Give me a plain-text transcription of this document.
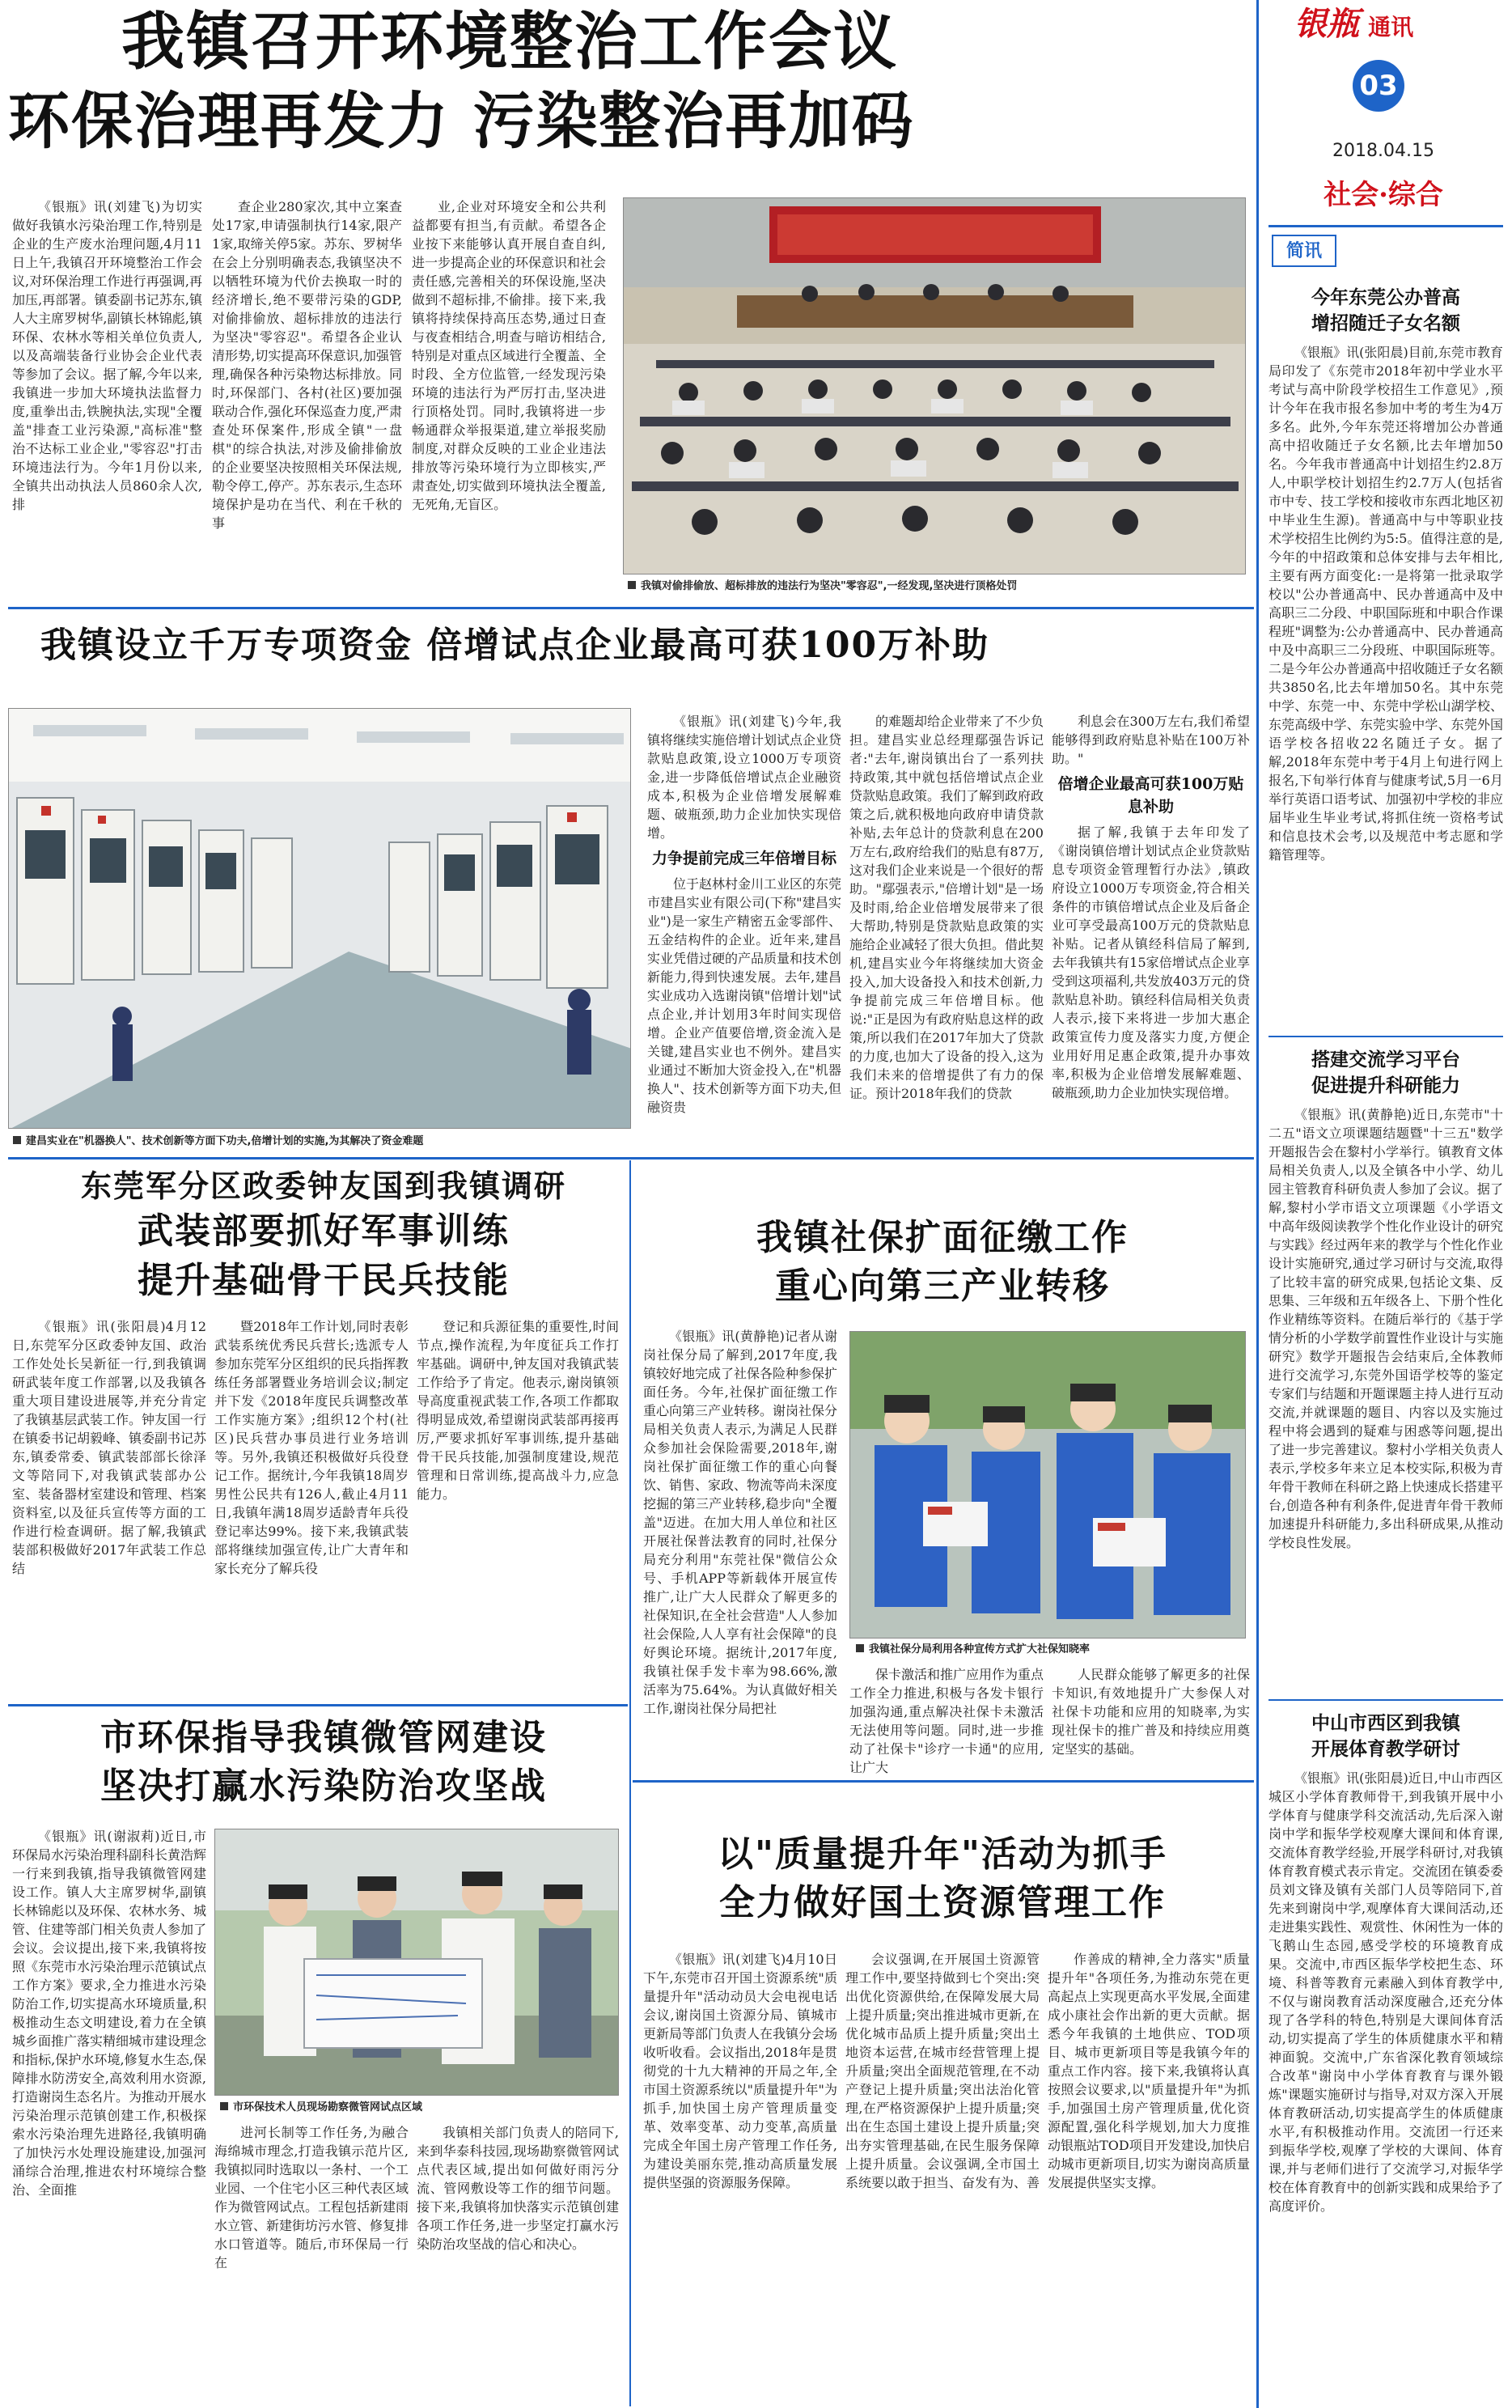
我镇召开环境整治工作会议
环保治理再发力 污染整治再加码

《银瓶》讯(刘建飞)为切实做好我镇水污染治理工作,特别是企业的生产废水治理问题,4月11日上午,我镇召开环境整治工作会议,对环保治理工作进行再强调,再加压,再部署。镇委副书记苏东,镇人大主席罗树华,副镇长林锦彪,镇环保、农林水等相关单位负责人,以及高端装备行业协会企业代表等参加了会议。据了解,今年以来,我镇进一步加大环境执法监督力度,重拳出击,铁腕执法,实现"全覆盖"排查工业污染源,"高标准"整治不达标工业企业,"零容忍"打击环境违法行为。今年1月份以来,全镇共出动执法人员860余人次,排

查企业280家次,其中立案查处17家,申请强制执行14家,限产1家,取缔关停5家。苏东、罗树华在会上分别明确表态,我镇坚决不以牺牲环境为代价去换取一时的经济增长,绝不要带污染的GDP,对偷排偷放、超标排放的违法行为坚决"零容忍"。希望各企业认清形势,切实提高环保意识,加强管理,确保各种污染物达标排放。同时,环保部门、各村(社区)要加强联动合作,强化环保巡查力度,严肃查处环保案件,形成全镇"一盘棋"的综合执法,对涉及偷排偷放的企业要坚决按照相关环保法规,勒令停工,停产。苏东表示,生态环境保护是功在当代、利在千秋的事

业,企业对环境安全和公共利益都要有担当,有贡献。希望各企业按下来能够认真开展自查自纠,进一步提高企业的环保意识和社会责任感,完善相关的环保设施,坚决做到不超标排,不偷排。接下来,我镇将持续保持高压态势,通过日查与夜查相结合,明查与暗访相结合,特别是对重点区域进行全覆盖、全时段、全方位监管,一经发现污染环境的违法行为严厉打击,坚决进行顶格处罚。同时,我镇将进一步畅通群众举报渠道,建立举报奖励制度,对群众反映的工业企业违法排放等污染环境行为立即核实,严肃查处,切实做到环境执法全覆盖,无死角,无盲区。

我镇对偷排偷放、超标排放的违法行为坚决"零容忍",一经发现,坚决进行顶格处罚
我镇设立千万专项资金 倍增试点企业最高可获100万补助
建昌实业在"机器换人"、技术创新等方面下功夫,倍增计划的实施,为其解决了资金难题

《银瓶》讯(刘建飞)今年,我镇将继续实施倍增计划试点企业贷款贴息政策,设立1000万专项资金,进一步降低倍增试点企业融资成本,积极为企业倍增发展解难题、破瓶颈,助力企业加快实现倍增。

力争提前完成三年倍增目标

位于赵林村金川工业区的东莞市建昌实业有限公司(下称"建昌实业")是一家生产精密五金零部件、五金结构件的企业。近年来,建昌实业凭借过硬的产品质量和技术创新能力,得到快速发展。去年,建昌实业成功入选谢岗镇"倍增计划"试点企业,并计划用3年时间实现倍增。企业产值要倍增,资金流入是关键,建昌实业也不例外。建昌实业通过不断加大资金投入,在"机器换人"、技术创新等方面下功夫,但融资贵

的难题却给企业带来了不少负担。建昌实业总经理鄢强告诉记者:"去年,谢岗镇出台了一系列扶持政策,其中就包括倍增试点企业贷款贴息政策。我们了解到政府政策之后,就积极地向政府申请贷款补贴,去年总计的贷款利息在200万左右,政府给我们的贴息有87万,这对我们企业来说是一个很好的帮助。"鄢强表示,"倍增计划"是一场及时雨,给企业倍增发展带来了很大帮助,特别是贷款贴息政策的实施给企业减轻了很大负担。借此契机,建昌实业今年将继续加大资金投入,加大设备投入和技术创新,力争提前完成三年倍增目标。他说:"正是因为有政府贴息这样的政策,所以我们在2017年加大了贷款的力度,也加大了设备的投入,这为我们未来的倍增提供了有力的保证。预计2018年我们的贷款

利息会在300万左右,我们希望能够得到政府贴息补贴在100万补助。"

倍增企业最高可获100万贴息补助

据了解,我镇于去年印发了《谢岗镇倍增计划试点企业贷款贴息专项资金管理暂行办法》,镇政府设立1000万专项资金,符合相关条件的市镇倍增试点企业及后备企业可享受最高100万元的贷款贴息补贴。记者从镇经科信局了解到,去年我镇共有15家倍增试点企业享受到这项福利,共发放403万元的贷款贴息补助。镇经科信局相关负责人表示,接下来将进一步加大惠企政策宣传力度及落实力度,方便企业用好用足惠企政策,提升办事效率,积极为企业倍增发展解难题、破瓶颈,助力企业加快实现倍增。

东莞军分区政委钟友国到我镇调研
武装部要抓好军事训练
提升基础骨干民兵技能

《银瓶》讯(张阳晨)4月12日,东莞军分区政委钟友国、政治工作处处长吴新征一行,到我镇调研武装年度工作部署,以及我镇各重大项目建设进展等,并充分肯定了我镇基层武装工作。钟友国一行在镇委书记胡毅峰、镇委副书记苏东,镇委常委、镇武装部部长徐泽文等陪同下,对我镇武装部办公室、装备器材室建设和管理、档案资料室,以及征兵宣传等方面的工作进行检查调研。据了解,我镇武装部积极做好2017年武装工作总结

暨2018年工作计划,同时表彰武装系统优秀民兵营长;选派专人参加东莞军分区组织的民兵指挥教练任务部署暨业务培训会议;制定并下发《2018年度民兵调整改革工作实施方案》;组织12个村(社区)民兵营办事员进行业务培训等。另外,我镇还积极做好兵役登记工作。据统计,今年我镇18周岁男性公民共有126人,截止4月11日,我镇年满18周岁适龄青年兵役登记率达99%。接下来,我镇武装部将继续加强宣传,让广大青年和家长充分了解兵役

登记和兵源征集的重要性,时间节点,操作流程,为年度征兵工作打牢基础。调研中,钟友国对我镇武装工作给予了肯定。他表示,谢岗镇领导高度重视武装工作,各项工作都取得明显成效,希望谢岗武装部再接再厉,严要求抓好军事训练,提升基础骨干民兵技能,加强制度建设,规范管理和日常训练,提高战斗力,应急能力。

我镇社保扩面征缴工作
重心向第三产业转移

《银瓶》讯(黄静艳)记者从谢岗社保分局了解到,2017年度,我镇较好地完成了社保各险种参保扩面任务。今年,社保扩面征缴工作重心向第三产业转移。谢岗社保分局相关负责人表示,为满足人民群众参加社会保险需要,2018年,谢岗社保扩面征缴工作的重心向餐饮、销售、家政、物流等尚未深度挖掘的第三产业转移,稳步向"全覆盖"迈进。在加大用人单位和社区开展社保普法教育的同时,社保分局充分利用"东莞社保"微信公众号、手机APP等新载体开展宣传推广,让广大人民群众了解更多的社保知识,在全社会营造"人人参加社会保险,人人享有社会保障"的良好舆论环境。据统计,2017年度,我镇社保手发卡率为98.66%,激活率为75.64%。为认真做好相关工作,谢岗社保分局把社

我镇社保分局利用各种宣传方式扩大社保知晓率

保卡激活和推广应用作为重点工作全力推进,积极与各发卡银行加强沟通,重点解决社保卡未激活无法使用等问题。同时,进一步推动了社保卡"诊疗一卡通"的应用,让广大

人民群众能够了解更多的社保卡知识,有效地提升广大参保人对社保卡功能和应用的知晓率,为实现社保卡的推广普及和持续应用奠定坚实的基础。

市环保指导我镇微管网建设
坚决打赢水污染防治攻坚战

《银瓶》讯(谢淑莉)近日,市环保局水污染治理科副科长黄浩辉一行来到我镇,指导我镇微管网建设工作。镇人大主席罗树华,副镇长林锦彪以及环保、农林水务、城管、住建等部门相关负责人参加了会议。会议提出,接下来,我镇将按照《东莞市水污染治理示范镇试点工作方案》要求,全力推进水污染防治工作,切实提高水环境质量,积极推动生态文明建设,着力在全镇城乡面推广落实精细城市建设理念和指标,保护水环境,修复水生态,保障排水防涝安全,高效利用水资源,打造谢岗生态名片。为推动开展水污染治理示范镇创建工作,积极探索水污染治理先进路径,我镇明确了加快污水处理设施建设,加强河涌综合治理,推进农村环境综合整治、全面推

市环保技术人员现场勘察微管网试点区域

进河长制等工作任务,为融合海绵城市理念,打造我镇示范片区,我镇拟同时选取以一条村、一个工业园、一个住宅小区三种代表区域作为微管网试点。工程包括新建雨水立管、新建街坊污水管、修复排水口管道等。随后,市环保局一行在

我镇相关部门负责人的陪同下,来到华泰科技园,现场勘察微管网试点代表区域,提出如何做好雨污分流、管网敷设等工作的细节问题。接下来,我镇将加快落实示范镇创建各项工作任务,进一步坚定打赢水污染防治攻坚战的信心和决心。

以"质量提升年"活动为抓手
全力做好国土资源管理工作

《银瓶》讯(刘建飞)4月10日下午,东莞市召开国土资源系统"质量提升年"活动动员大会电视电话会议,谢岗国土资源分局、镇城市更新局等部门负责人在我镇分会场收听收看。会议指出,2018年是贯彻党的十九大精神的开局之年,全市国土资源系统以"质量提升年"为抓手,加快国土房产管理质量变革、效率变革、动力变革,高质量完成全年国土房产管理工作任务,为建设美丽东莞,推动高质量发展提供坚强的资源服务保障。

会议强调,在开展国土资源管理工作中,要坚持做到七个突出:突出优化资源供给,在保障发展大局上提升质量;突出推进城市更新,在优化城市品质上提升质量;突出土地资本运营,在城市经营管理上提升质量;突出全面规范管理,在不动产登记上提升质量;突出法治化管理,在严格资源保护上提升质量;突出在生态国土建设上提升质量;突出夯实管理基础,在民生服务保障上提升质量。会议强调,全市国土系统要以敢于担当、奋发有为、善

作善成的精神,全力落实"质量提升年"各项任务,为推动东莞在更高起点上实现更高水平发展,全面建成小康社会作出新的更大贡献。据悉今年我镇的土地供应、TOD项目、城市更新项目等是我镇今年的重点工作内容。接下来,我镇将认真按照会议要求,以"质量提升年"为抓手,加强国土房产管理质量,优化资源配置,强化科学规划,加大力度推动银瓶站TOD项目开发建设,加快启动城市更新项目,切实为谢岗高质量发展提供坚实支撑。

银瓶 通讯
03
2018.04.15
社会·综合
简讯
今年东莞公办普高
增招随迁子女名额

《银瓶》讯(张阳晨)目前,东莞市教育局印发了《东莞市2018年初中学业水平考试与高中阶段学校招生工作意见》,预计今年在我市报名参加中考的考生为4万多名。此外,今年东莞还将增加公办普通高中招收随迁子女名额,比去年增加50名。今年我市普通高中计划招生约2.8万人,中职学校计划招生约2.7万人(包括省市中专、技工学校和接收市东西北地区初中毕业生生源)。普通高中与中等职业技术学校招生比例约为5:5。值得注意的是,今年的中招政策和总体安排与去年相比,主要有两方面变化:一是将第一批录取学校以"公办普通高中、民办普通高中及中高职三二分段、中职国际班和中职合作课程班"调整为:公办普通高中、民办普通高中及中高职三二分段班、中职国际班等。二是今年公办普通高中招收随迁子女名额共3850名,比去年增加50名。其中东莞中学、东莞一中、东莞中学松山湖学校、东莞高级中学、东莞实验中学、东莞外国语学校各招收22名随迁子女。据了解,2018年东莞中考于4月上旬进行网上报名,下旬举行体育与健康考试,5月一6月举行英语口语考试、加强初中学校的非应届毕业生毕业考试,将抓住统一资格考试和信息技术会考,以及规范中考志愿和学籍管理等。

搭建交流学习平台
促进提升科研能力

《银瓶》讯(黄静艳)近日,东莞市"十二五"语文立项课题结题暨"十三五"数学开题报告会在黎村小学举行。镇教育文体局相关负责人,以及全镇各中小学、幼儿园主管教育科研负责人参加了会议。据了解,黎村小学市语文立项课题《小学语文中高年级阅读教学个性化作业设计的研究与实践》经过两年来的教学与个性化作业设计实施研究,通过学习研讨与交流,取得了比较丰富的研究成果,包括论文集、反思集、三年级和五年级各上、下册个性化作业精练等资料。在随后举行的《基于学情分析的小学数学前置性作业设计与实施研究》数学开题报告会结束后,全体教师进行交流学习,东莞外国语学校等的鉴定专家们与结题和开题课题主持人进行互动交流,并就课题的题目、内容以及实施过程中将会遇到的疑难与困惑等问题,提出了进一步完善建议。黎村小学相关负责人表示,学校多年来立足本校实际,积极为青年骨干教师在科研之路上快速成长搭建平台,创造各种有利条件,促进青年骨干教师加速提升科研能力,多出科研成果,从推动学校良性发展。

中山市西区到我镇
开展体育教学研讨

《银瓶》讯(张阳晨)近日,中山市西区城区小学体育教师骨干,到我镇开展中小学体育与健康学科交流活动,先后深入谢岗中学和振华学校观摩大课间和体育课,交流体育教学经验,开展学科研讨,对我镇体育教育模式表示肯定。交流团在镇委委员刘文锋及镇有关部门人员等陪同下,首先来到谢岗中学,观摩体育大课间活动,还走进集实践性、观赏性、休闲性为一体的飞鹅山生态园,感受学校的环境教育成果。交流中,市西区振华学校把生态、环境、科普等教育元素融入到体育教学中,不仅与谢岗教育活动深度融合,还充分体现了各学科的特色,特别是大课间体育活动,切实提高了学生的体质健康水平和精神面貌。交流中,广东省深化教育领域综合改革"谢岗中小学体育教育与课外锻炼"课题实施研讨与指导,对双方深入开展体育教研活动,切实提高学生的体质健康水平,有积极推动作用。交流团一行还来到振华学校,观摩了学校的大课间、体育课,并与老师们进行了交流学习,对振华学校在体育教育中的创新实践和成果给予了高度评价。
